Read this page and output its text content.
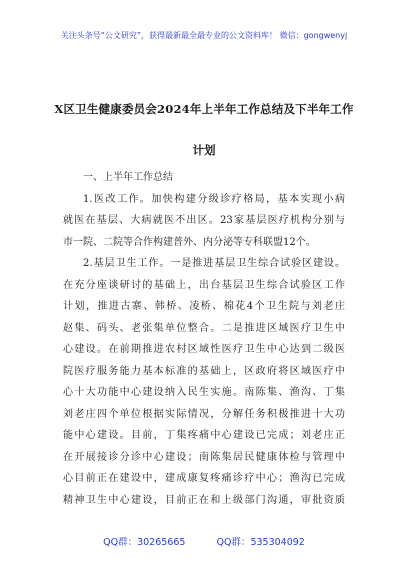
关注头条号“公文研究”，获得最新最全最专业的公文资料库！ 微信：gongwenyj
X区卫生健康委员会2024年上半年工作总结及下半年工作
计划
一、上半年工作总结
1.医改工作。加快构建分级诊疗格局，基本实现小病
就医在基层、大病就医不出区。23家基层医疗机构分别与
市一院、二院等合作构建普外、内分泌等专科联盟12个。
2.基层卫生工作。一是推进基层卫生综合试验区建设。
在充分座谈研讨的基础上，出台基层卫生综合试验区工作
计划，推进古寨、韩桥、凌桥、棉花4个卫生院与刘老庄
赵集、码头、老张集单位整合。二是推进区域医疗卫生中
心建设。在前期推进农村区域性医疗卫生中心达到二级医
院医疗服务能力基本标准的基础上，区政府将区域医疗中
心十大功能中心建设纳入民生实施。南陈集、渔沟、丁集
刘老庄四个单位根据实际情况，分解任务积极推进十大功
能中心建设。目前，丁集疼痛中心建设已完成；刘老庄正
在开展接诊分诊中心建设；南陈集居民健康体检与管理中
心目前正在建设中，建成康复疼痛诊疗中心；渔沟已完成
精神卫生中心建设，目前正在和上级部门沟通，审批资质
QQ群：30265665	QQ群：535304092
